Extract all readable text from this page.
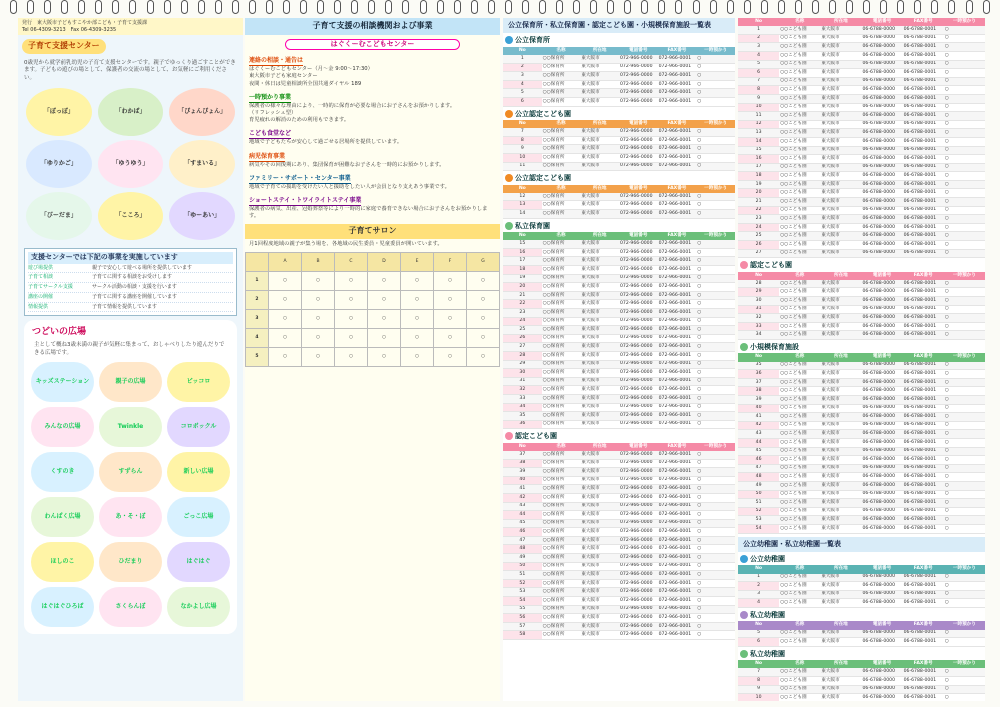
発行　東大阪市子どもすこやか部こども・子育て支援課
Tel 06-4309-3213　Fax 06-4309-3235
子育て支援センター
0歳児から就学前乳幼児の子育て支援センターです。親子でゆっくり過ごすことができます。子どもの遊びの場として、保護者の交流の場として、お気軽にご利用ください。
「ぽっぽ」	「わかば」	「ぴょんぴょん」
「ゆりかご」	「ゆうゆう」	「すまいる」
「びーだま」	「こころ」	「ゆーあい」
支援センターでは下記の事業を実施しています
遊び場提供	親子で安心して遊べる場所を提供しています
子育て相談	子育てに関する相談をお受けします
子育てサークル支援	サークル活動の相談・支援を行います
講座の開催	子育てに関する講座を開催しています
情報提供	子育て情報を提供しています
つどいの広場
主として概ね3歳未満の親子が気軽に集まって、おしゃべりしたり遊んだりできる広場です。
キッズステーション	親子の広場	ピッコロ
みんなの広場	Twinkle	コロポックル
くすのき	すずらん	新しい広場
わんぱく広場	あ・そ・ぼ	ごっこ広場
ほしのこ	ひだまり	はぐはぐ
はぐはぐひろば	さくらんぼ	なかよし広場
子育て支援の相談機関および事業
はぐくーむこどもセンター
連絡の相談・通告は
はぐくーむこどもセンター（月〜金 9:00〜17:30）
東大阪市子ども家庭センター
夜間・休日は児童相談所全国共通ダイヤル 189
一時預かり事業
保護者の様々な理由により、一時的に保育が必要な場合にお子さんをお預かりします。
（リフレッシュ型）
育児疲れの解消のための利用もできます。
こども食堂など
地域で子どもたちが安心して過ごせる居場所を提供しています。
病児保育事業
病気やその回復期にあり、集団保育が困難なお子さんを一時的にお預かりします。
ファミリー・サポート・センター事業
地域で子育ての援助を受けたい人と援助をしたい人が会員となり支えあう事業です。
ショートステイ・トワイライトステイ事業
保護者の病気、出産、冠婚葬祭等により一時的に家庭で養育できない場合にお子さんをお預かりします。
子育てサロン
月1回程度地域の親子が集う場を、各地域の民生委員・児童委員が開いています。
	A	B	C	D	E	F	G
1	○	○	○	○	○	○	○
2	○	○	○	○	○	○	○
3	○	○	○	○	○	○	○
4	○	○	○	○	○	○	○
5	○	○	○	○	○	○	○
公立保育所・私立保育園・認定こども園・小規模保育施設一覧表
公立保育所
No	名称	所在地	電話番号	FAX番号	一時預かり
1	○○保育所	東大阪市	072-966-0000	072-966-0001	○
2	○○保育所	東大阪市	072-966-0000	072-966-0001	○
3	○○保育所	東大阪市	072-966-0000	072-966-0001	○
4	○○保育所	東大阪市	072-966-0000	072-966-0001	○
5	○○保育所	東大阪市	072-966-0000	072-966-0001	○
6	○○保育所	東大阪市	072-966-0000	072-966-0001	○
公立認定こども園
No	名称	所在地	電話番号	FAX番号	一時預かり
7	○○保育所	東大阪市	072-966-0000	072-966-0001	○
8	○○保育所	東大阪市	072-966-0000	072-966-0001	○
9	○○保育所	東大阪市	072-966-0000	072-966-0001	○
10	○○保育所	東大阪市	072-966-0000	072-966-0001	○
11	○○保育所	東大阪市	072-966-0000	072-966-0001	○
公立認定こども園
No	名称	所在地	電話番号	FAX番号	一時預かり
12	○○保育所	東大阪市	072-966-0000	072-966-0001	○
13	○○保育所	東大阪市	072-966-0000	072-966-0001	○
14	○○保育所	東大阪市	072-966-0000	072-966-0001	○
私立保育園
No	名称	所在地	電話番号	FAX番号	一時預かり
15	○○保育所	東大阪市	072-966-0000	072-966-0001	○
16	○○保育所	東大阪市	072-966-0000	072-966-0001	○
17	○○保育所	東大阪市	072-966-0000	072-966-0001	○
18	○○保育所	東大阪市	072-966-0000	072-966-0001	○
19	○○保育所	東大阪市	072-966-0000	072-966-0001	○
20	○○保育所	東大阪市	072-966-0000	072-966-0001	○
21	○○保育所	東大阪市	072-966-0000	072-966-0001	○
22	○○保育所	東大阪市	072-966-0000	072-966-0001	○
23	○○保育所	東大阪市	072-966-0000	072-966-0001	○
24	○○保育所	東大阪市	072-966-0000	072-966-0001	○
25	○○保育所	東大阪市	072-966-0000	072-966-0001	○
26	○○保育所	東大阪市	072-966-0000	072-966-0001	○
27	○○保育所	東大阪市	072-966-0000	072-966-0001	○
28	○○保育所	東大阪市	072-966-0000	072-966-0001	○
29	○○保育所	東大阪市	072-966-0000	072-966-0001	○
30	○○保育所	東大阪市	072-966-0000	072-966-0001	○
31	○○保育所	東大阪市	072-966-0000	072-966-0001	○
32	○○保育所	東大阪市	072-966-0000	072-966-0001	○
33	○○保育所	東大阪市	072-966-0000	072-966-0001	○
34	○○保育所	東大阪市	072-966-0000	072-966-0001	○
35	○○保育所	東大阪市	072-966-0000	072-966-0001	○
36	○○保育所	東大阪市	072-966-0000	072-966-0001	○
認定こども園
No	名称	所在地	電話番号	FAX番号	一時預かり
37	○○保育所	東大阪市	072-966-0000	072-966-0001	○
38	○○保育所	東大阪市	072-966-0000	072-966-0001	○
39	○○保育所	東大阪市	072-966-0000	072-966-0001	○
40	○○保育所	東大阪市	072-966-0000	072-966-0001	○
41	○○保育所	東大阪市	072-966-0000	072-966-0001	○
42	○○保育所	東大阪市	072-966-0000	072-966-0001	○
43	○○保育所	東大阪市	072-966-0000	072-966-0001	○
44	○○保育所	東大阪市	072-966-0000	072-966-0001	○
45	○○保育所	東大阪市	072-966-0000	072-966-0001	○
46	○○保育所	東大阪市	072-966-0000	072-966-0001	○
47	○○保育所	東大阪市	072-966-0000	072-966-0001	○
48	○○保育所	東大阪市	072-966-0000	072-966-0001	○
49	○○保育所	東大阪市	072-966-0000	072-966-0001	○
50	○○保育所	東大阪市	072-966-0000	072-966-0001	○
51	○○保育所	東大阪市	072-966-0000	072-966-0001	○
52	○○保育所	東大阪市	072-966-0000	072-966-0001	○
53	○○保育所	東大阪市	072-966-0000	072-966-0001	○
54	○○保育所	東大阪市	072-966-0000	072-966-0001	○
55	○○保育所	東大阪市	072-966-0000	072-966-0001	○
56	○○保育所	東大阪市	072-966-0000	072-966-0001	○
57	○○保育所	東大阪市	072-966-0000	072-966-0001	○
58	○○保育所	東大阪市	072-966-0000	072-966-0001	○
No	名称	所在地	電話番号	FAX番号	一時預かり
1	○○こども園	東大阪市	06-6788-0000	06-6788-0001	○
2	○○こども園	東大阪市	06-6788-0000	06-6788-0001	○
3	○○こども園	東大阪市	06-6788-0000	06-6788-0001	○
4	○○こども園	東大阪市	06-6788-0000	06-6788-0001	○
5	○○こども園	東大阪市	06-6788-0000	06-6788-0001	○
6	○○こども園	東大阪市	06-6788-0000	06-6788-0001	○
7	○○こども園	東大阪市	06-6788-0000	06-6788-0001	○
8	○○こども園	東大阪市	06-6788-0000	06-6788-0001	○
9	○○こども園	東大阪市	06-6788-0000	06-6788-0001	○
10	○○こども園	東大阪市	06-6788-0000	06-6788-0001	○
11	○○こども園	東大阪市	06-6788-0000	06-6788-0001	○
12	○○こども園	東大阪市	06-6788-0000	06-6788-0001	○
13	○○こども園	東大阪市	06-6788-0000	06-6788-0001	○
14	○○こども園	東大阪市	06-6788-0000	06-6788-0001	○
15	○○こども園	東大阪市	06-6788-0000	06-6788-0001	○
16	○○こども園	東大阪市	06-6788-0000	06-6788-0001	○
17	○○こども園	東大阪市	06-6788-0000	06-6788-0001	○
18	○○こども園	東大阪市	06-6788-0000	06-6788-0001	○
19	○○こども園	東大阪市	06-6788-0000	06-6788-0001	○
20	○○こども園	東大阪市	06-6788-0000	06-6788-0001	○
21	○○こども園	東大阪市	06-6788-0000	06-6788-0001	○
22	○○こども園	東大阪市	06-6788-0000	06-6788-0001	○
23	○○こども園	東大阪市	06-6788-0000	06-6788-0001	○
24	○○こども園	東大阪市	06-6788-0000	06-6788-0001	○
25	○○こども園	東大阪市	06-6788-0000	06-6788-0001	○
26	○○こども園	東大阪市	06-6788-0000	06-6788-0001	○
27	○○こども園	東大阪市	06-6788-0000	06-6788-0001	○
認定こども園
No	名称	所在地	電話番号	FAX番号	一時預かり
28	○○こども園	東大阪市	06-6788-0000	06-6788-0001	○
29	○○こども園	東大阪市	06-6788-0000	06-6788-0001	○
30	○○こども園	東大阪市	06-6788-0000	06-6788-0001	○
31	○○こども園	東大阪市	06-6788-0000	06-6788-0001	○
32	○○こども園	東大阪市	06-6788-0000	06-6788-0001	○
33	○○こども園	東大阪市	06-6788-0000	06-6788-0001	○
34	○○こども園	東大阪市	06-6788-0000	06-6788-0001	○
小規模保育施設
No	名称	所在地	電話番号	FAX番号	一時預かり
35	○○こども園	東大阪市	06-6788-0000	06-6788-0001	○
36	○○こども園	東大阪市	06-6788-0000	06-6788-0001	○
37	○○こども園	東大阪市	06-6788-0000	06-6788-0001	○
38	○○こども園	東大阪市	06-6788-0000	06-6788-0001	○
39	○○こども園	東大阪市	06-6788-0000	06-6788-0001	○
40	○○こども園	東大阪市	06-6788-0000	06-6788-0001	○
41	○○こども園	東大阪市	06-6788-0000	06-6788-0001	○
42	○○こども園	東大阪市	06-6788-0000	06-6788-0001	○
43	○○こども園	東大阪市	06-6788-0000	06-6788-0001	○
44	○○こども園	東大阪市	06-6788-0000	06-6788-0001	○
45	○○こども園	東大阪市	06-6788-0000	06-6788-0001	○
46	○○こども園	東大阪市	06-6788-0000	06-6788-0001	○
47	○○こども園	東大阪市	06-6788-0000	06-6788-0001	○
48	○○こども園	東大阪市	06-6788-0000	06-6788-0001	○
49	○○こども園	東大阪市	06-6788-0000	06-6788-0001	○
50	○○こども園	東大阪市	06-6788-0000	06-6788-0001	○
51	○○こども園	東大阪市	06-6788-0000	06-6788-0001	○
52	○○こども園	東大阪市	06-6788-0000	06-6788-0001	○
53	○○こども園	東大阪市	06-6788-0000	06-6788-0001	○
54	○○こども園	東大阪市	06-6788-0000	06-6788-0001	○
公立幼稚園・私立幼稚園一覧表
公立幼稚園
No	名称	所在地	電話番号	FAX番号	一時預かり
1	○○こども園	東大阪市	06-6788-0000	06-6788-0001	○
2	○○こども園	東大阪市	06-6788-0000	06-6788-0001	○
3	○○こども園	東大阪市	06-6788-0000	06-6788-0001	○
4	○○こども園	東大阪市	06-6788-0000	06-6788-0001	○
私立幼稚園
No	名称	所在地	電話番号	FAX番号	一時預かり
5	○○こども園	東大阪市	06-6788-0000	06-6788-0001	○
6	○○こども園	東大阪市	06-6788-0000	06-6788-0001	○
私立幼稚園
No	名称	所在地	電話番号	FAX番号	一時預かり
7	○○こども園	東大阪市	06-6788-0000	06-6788-0001	○
8	○○こども園	東大阪市	06-6788-0000	06-6788-0001	○
9	○○こども園	東大阪市	06-6788-0000	06-6788-0001	○
10	○○こども園	東大阪市	06-6788-0000	06-6788-0001	○
